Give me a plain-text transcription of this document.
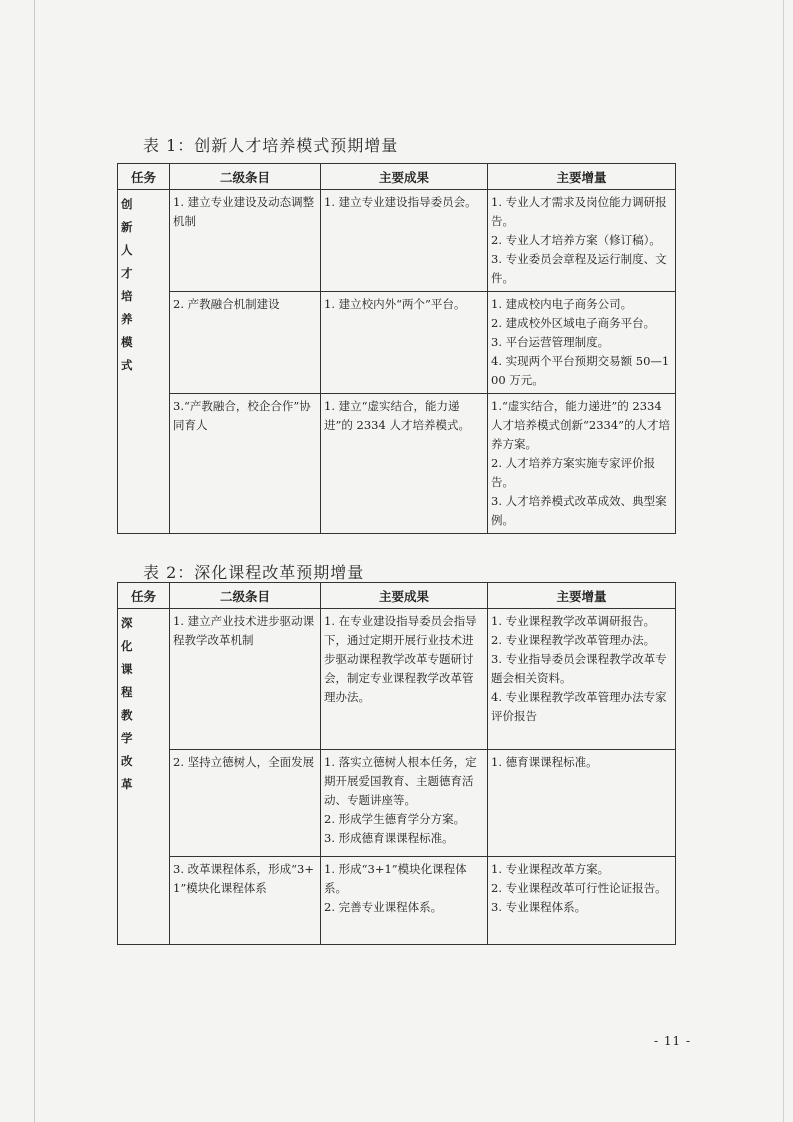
表 1：创新人才培养模式预期增量
任务	二级条目	主要成果	主要增量
创新人才培养模式	1. 建立专业建设及动态调整机制	1. 建立专业建设指导委员会。	1. 专业人才需求及岗位能力调研报告。
2. 专业人才培养方案（修订稿）。
3. 专业委员会章程及运行制度、文件。

	2. 产教融合机制建设	1. 建立校内外“两个”平台。	1. 建成校内电子商务公司。
2. 建成校外区域电子商务平台。
3. 平台运营管理制度。
4. 实现两个平台预期交易额 50—100 万元。

	3.“产教融合，校企合作”协同育人	1. 建立“虚实结合，能力递进”的 2334 人才培养模式。	1.“虚实结合，能力递进”的 2334 人才培养模式创新“2334”的人才培养方案。
2. 人才培养方案实施专家评价报告。
3. 人才培养模式改革成效、典型案例。
表 2：深化课程改革预期增量
任务	二级条目	主要成果	主要增量
深化课程教学改革	1. 建立产业技术进步驱动课程教学改革机制	1. 在专业建设指导委员会指导下，通过定期开展行业技术进步驱动课程教学改革专题研讨会，制定专业课程教学改革管理办法。	1. 专业课程教学改革调研报告。
2. 专业课程教学改革管理办法。
3. 专业指导委员会课程教学改革专题会相关资料。
4. 专业课程教学改革管理办法专家评价报告

	2. 坚持立德树人，全面发展	1. 落实立德树人根本任务，定期开展爱国教育、主题德育活动、专题讲座等。
2. 形成学生德育学分方案。
3. 形成德育课课程标准。	1. 德育课课程标准。

	3. 改革课程体系，形成“3+1”模块化课程体系	1. 形成“3+1”模块化课程体系。
2. 完善专业课程体系。	1. 专业课程改革方案。
2. 专业课程改革可行性论证报告。
3. 专业课程体系。
- 11 -
